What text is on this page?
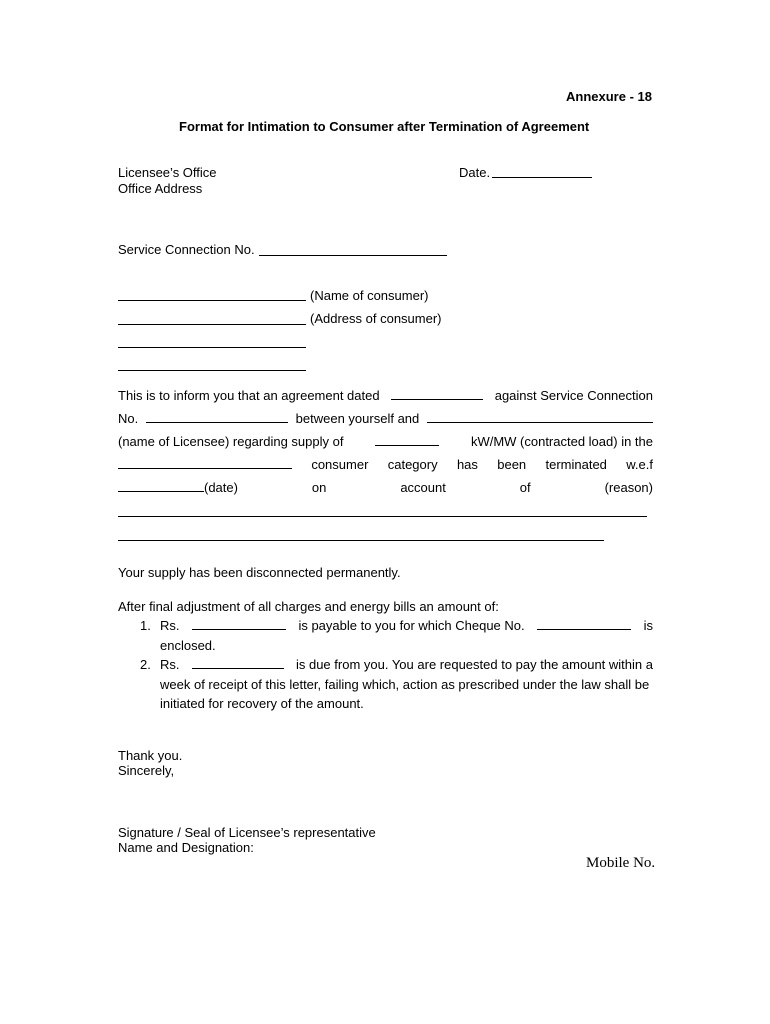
Annexure - 18
Format for Intimation to Consumer after Termination of Agreement
Licensee’s Office
Office Address
Date.
Service Connection No.
(Name of consumer)
(Address of consumer)
This is to inform you that an agreement dated	against Service Connection
No.	between yourself and
(name of Licensee) regarding supply of	kW/MW (contracted load) in the
consumer category has been terminated w.e.f
(date)	on	account	of	(reason)
Your supply has been disconnected permanently.
After final adjustment of all charges and energy bills an amount of:
1. Rs.	is payable to you for which Cheque No.	is
enclosed.
2. Rs.	is due from you. You are requested to pay the amount within a
week of receipt of this letter, failing which, action as prescribed under the law shall be
initiated for recovery of the amount.
Thank you.
Sincerely,
Signature / Seal of Licensee’s representative
Name and Designation:
Mobile No.
